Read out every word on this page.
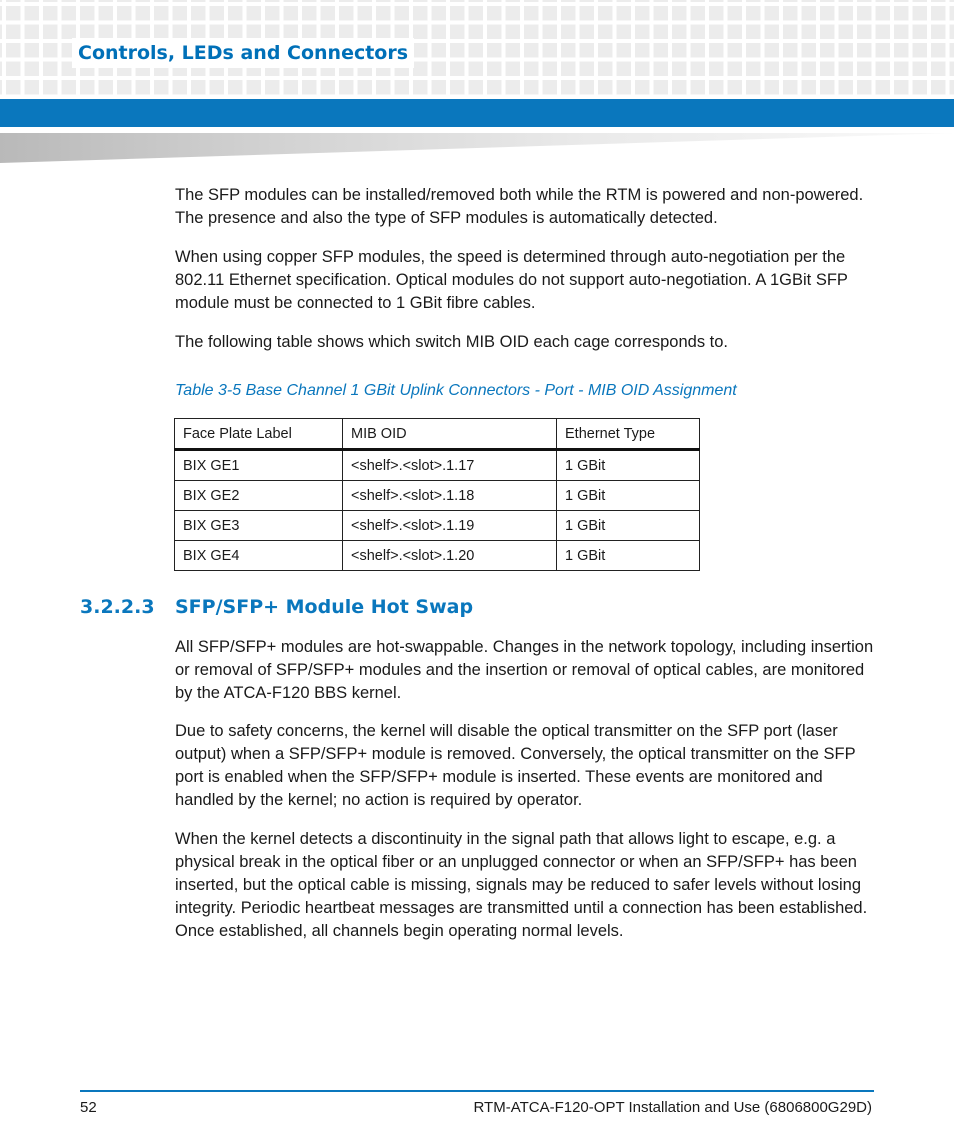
Controls, LEDs and Connectors

The SFP modules can be installed/removed both while the RTM is powered and non-powered. The presence and also the type of SFP modules is automatically detected.

When using copper SFP modules, the speed is determined through auto-negotiation per the 802.11 Ethernet specification. Optical modules do not support auto-negotiation. A 1GBit SFP module must be connected to 1 GBit fibre cables.

The following table shows which switch MIB OID each cage corresponds to.

Table 3-5 Base Channel 1 GBit Uplink Connectors - Port - MIB OID Assignment

Face Plate Label	MIB OID	Ethernet Type
BIX GE1	<shelf>.<slot>.1.17	1 GBit
BIX GE2	<shelf>.<slot>.1.18	1 GBit
BIX GE3	<shelf>.<slot>.1.19	1 GBit
BIX GE4	<shelf>.<slot>.1.20	1 GBit
3.2.2.3 SFP/SFP+ Module Hot Swap

All SFP/SFP+ modules are hot-swappable. Changes in the network topology, including insertion or removal of SFP/SFP+ modules and the insertion or removal of optical cables, are monitored by the ATCA-F120 BBS kernel.

Due to safety concerns, the kernel will disable the optical transmitter on the SFP port (laser output) when a SFP/SFP+ module is removed. Conversely, the optical transmitter on the SFP port is enabled when the SFP/SFP+ module is inserted. These events are monitored and handled by the kernel; no action is required by operator.

When the kernel detects a discontinuity in the signal path that allows light to escape, e.g. a physical break in the optical fiber or an unplugged connector or when an SFP/SFP+ has been inserted, but the optical cable is missing, signals may be reduced to safer levels without losing integrity. Periodic heartbeat messages are transmitted until a connection has been established. Once established, all channels begin operating normal levels.

52	RTM-ATCA-F120-OPT Installation and Use (6806800G29D)
